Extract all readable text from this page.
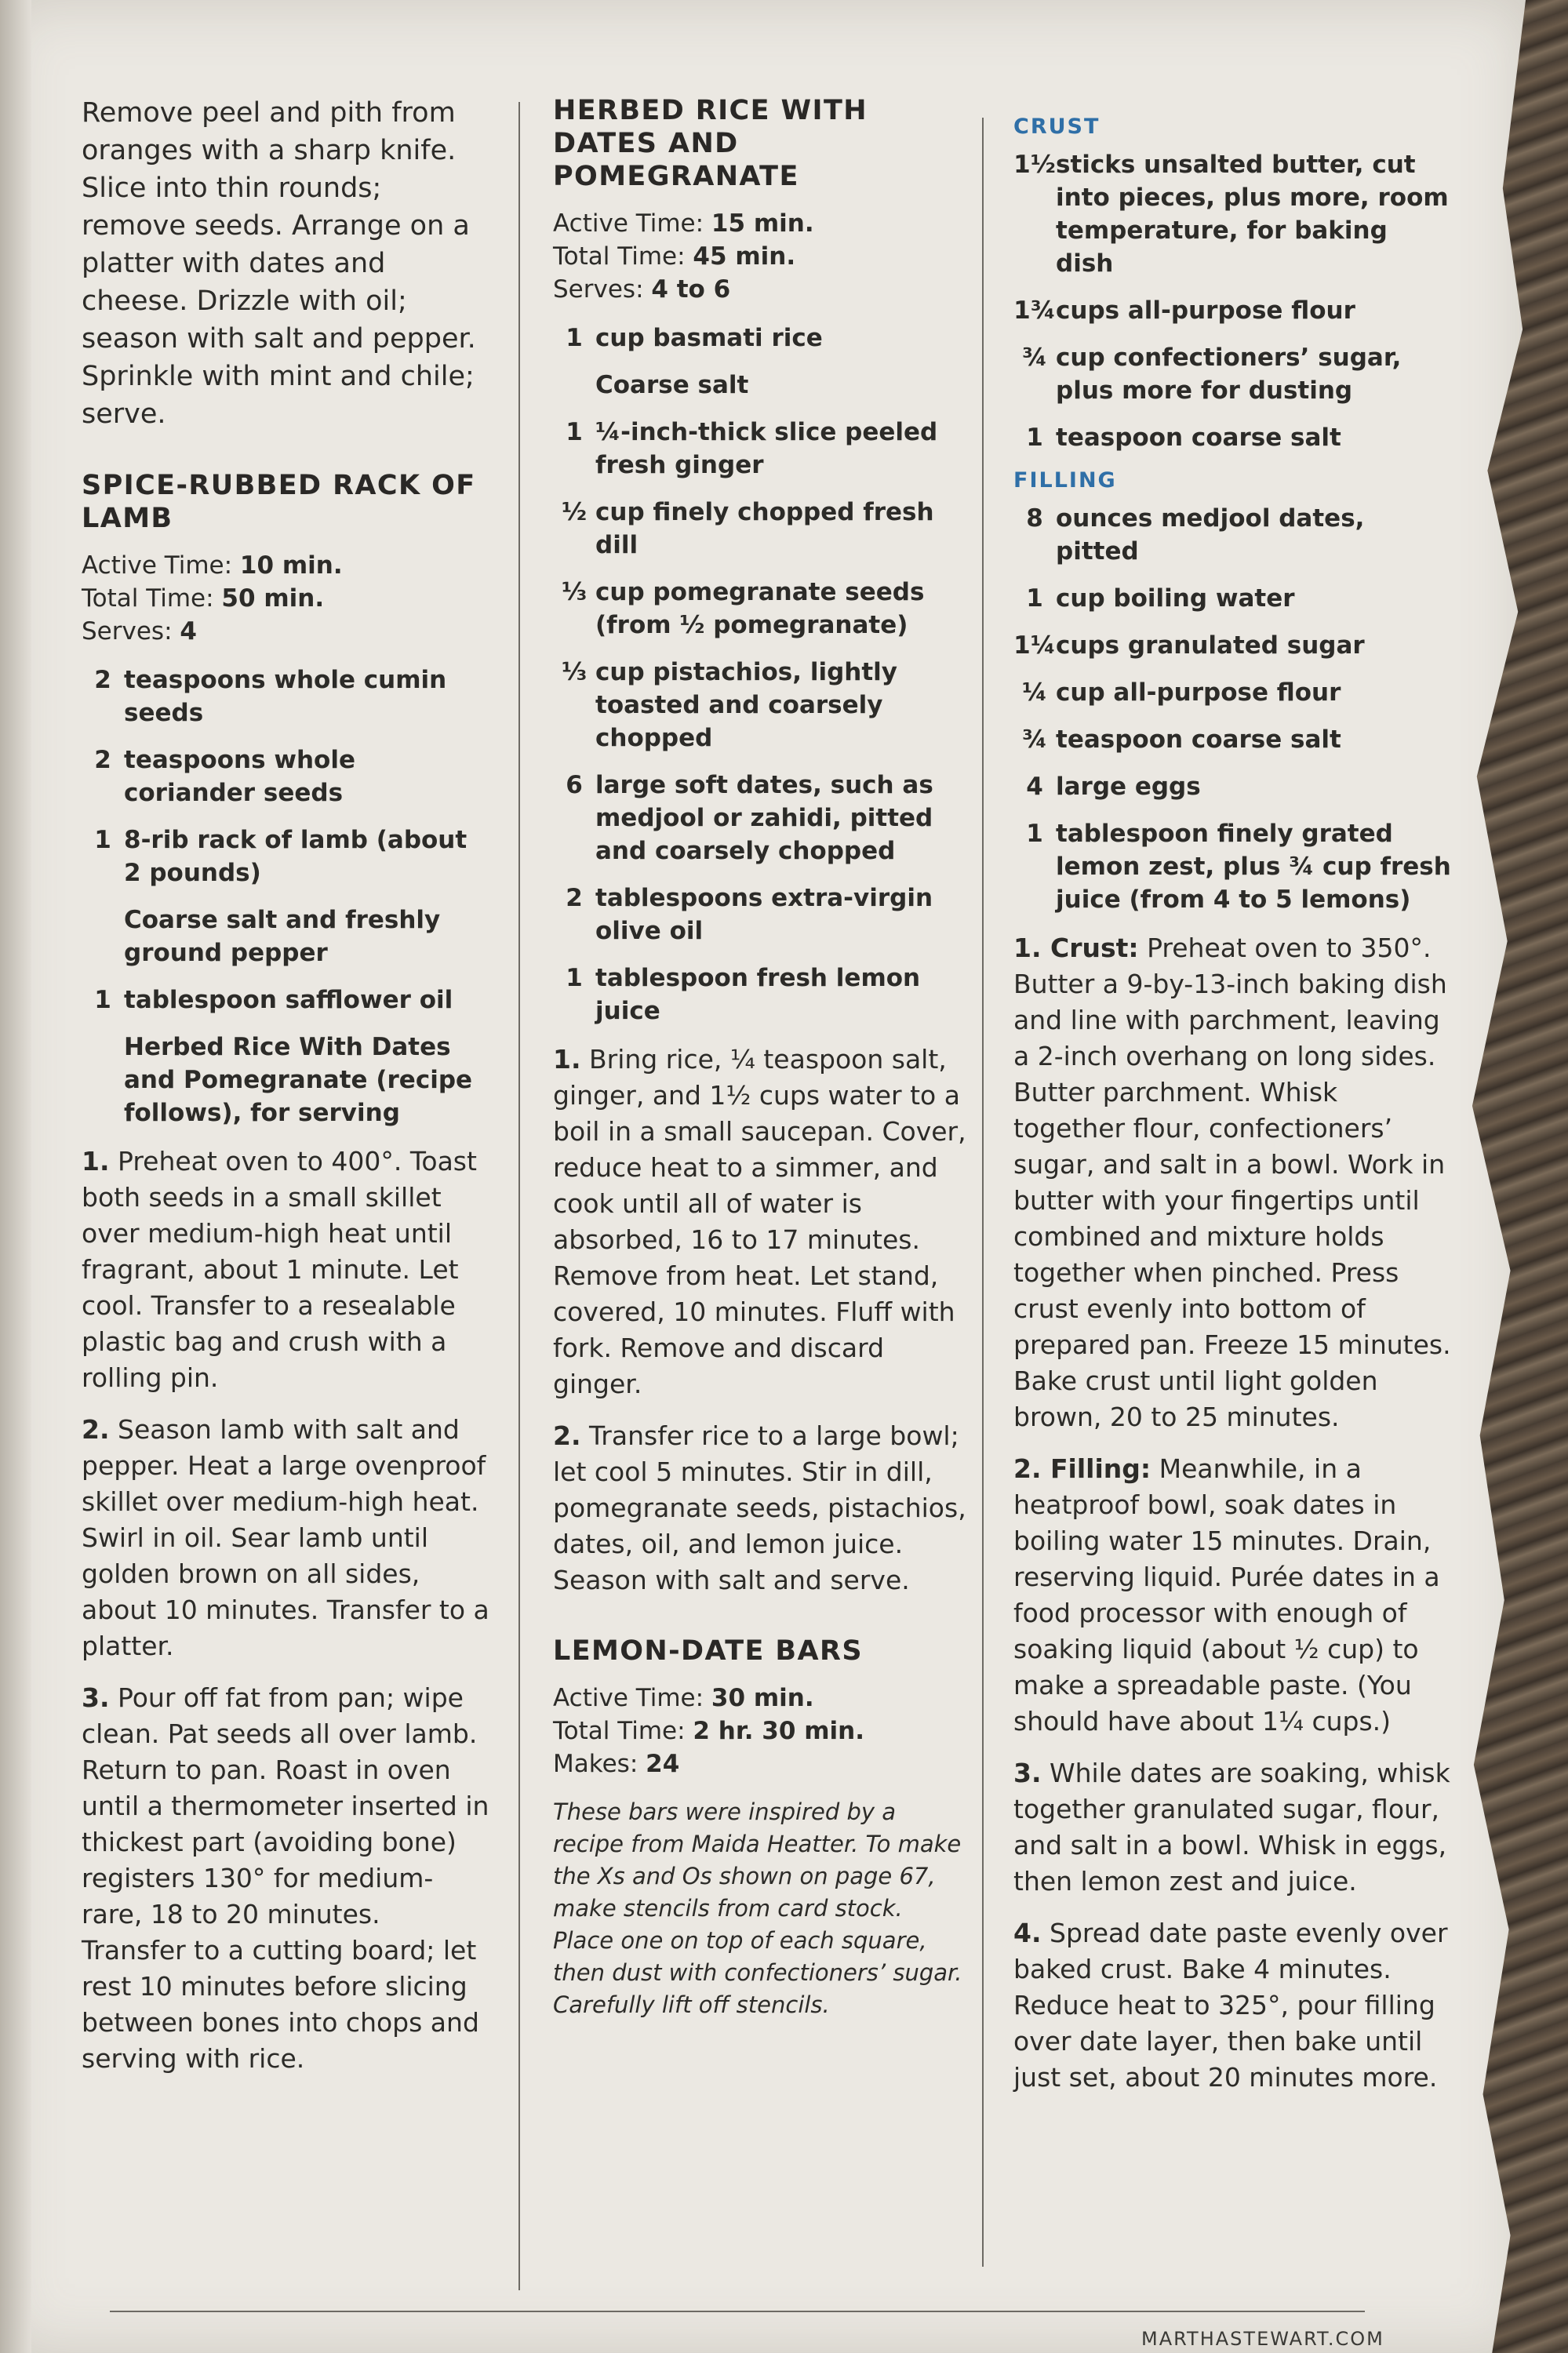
Remove peel and pith from oranges with a sharp knife. Slice into thin rounds; remove seeds. Arrange on a platter with dates and cheese. Drizzle with oil; season with salt and pepper. Sprinkle with mint and chile; serve.

SPICE-RUBBED RACK OF LAMB
Active Time: 10 min.
Total Time: 50 min.
Serves: 4
2 teaspoons whole cumin seeds
2 teaspoons whole coriander seeds
1 8-rib rack of lamb (about 2 pounds)
Coarse salt and freshly ground pepper
1 tablespoon safflower oil
Herbed Rice With Dates and Pomegranate (recipe follows), for serving

1. Preheat oven to 400°. Toast both seeds in a small skillet over medium-high heat until fragrant, about 1 minute. Let cool. Transfer to a resealable plastic bag and crush with a rolling pin.

2. Season lamb with salt and pepper. Heat a large ovenproof skillet over medium-high heat. Swirl in oil. Sear lamb until golden brown on all sides, about 10 minutes. Transfer to a platter.

3. Pour off fat from pan; wipe clean. Pat seeds all over lamb. Return to pan. Roast in oven until a thermometer inserted in thickest part (avoiding bone) registers 130° for medium-rare, 18 to 20 minutes. Transfer to a cutting board; let rest 10 minutes before slicing between bones into chops and serving with rice.

HERBED RICE WITH DATES AND POMEGRANATE
Active Time: 15 min.
Total Time: 45 min.
Serves: 4 to 6
1 cup basmati rice
Coarse salt
1 ¼-inch-thick slice peeled fresh ginger
½ cup finely chopped fresh dill
⅓ cup pomegranate seeds (from ½ pomegranate)
⅓ cup pistachios, lightly toasted and coarsely chopped
6 large soft dates, such as medjool or zahidi, pitted and coarsely chopped
2 tablespoons extra-virgin olive oil
1 tablespoon fresh lemon juice

1. Bring rice, ¼ teaspoon salt, ginger, and 1½ cups water to a boil in a small saucepan. Cover, reduce heat to a simmer, and cook until all of water is absorbed, 16 to 17 minutes. Remove from heat. Let stand, covered, 10 minutes. Fluff with fork. Remove and discard ginger.

2. Transfer rice to a large bowl; let cool 5 minutes. Stir in dill, pomegranate seeds, pistachios, dates, oil, and lemon juice. Season with salt and serve.

LEMON-DATE BARS
Active Time: 30 min.
Total Time: 2 hr. 30 min.
Makes: 24

These bars were inspired by a recipe from Maida Heatter. To make the Xs and Os shown on page 67, make stencils from card stock. Place one on top of each square, then dust with confectioners’ sugar. Carefully lift off stencils.

CRUST
1½ sticks unsalted butter, cut into pieces, plus more, room temperature, for baking dish
1¾ cups all-purpose flour
¾ cup confectioners’ sugar, plus more for dusting
1 teaspoon coarse salt
FILLING
8 ounces medjool dates, pitted
1 cup boiling water
1¼ cups granulated sugar
¼ cup all-purpose flour
¾ teaspoon coarse salt
4 large eggs
1 tablespoon finely grated lemon zest, plus ¾ cup fresh juice (from 4 to 5 lemons)

1. Crust: Preheat oven to 350°. Butter a 9-by-13-inch baking dish and line with parchment, leaving a 2-inch overhang on long sides. Butter parchment. Whisk together flour, confectioners’ sugar, and salt in a bowl. Work in butter with your fingertips until combined and mixture holds together when pinched. Press crust evenly into bottom of prepared pan. Freeze 15 minutes. Bake crust until light golden brown, 20 to 25 minutes.

2. Filling: Meanwhile, in a heatproof bowl, soak dates in boiling water 15 minutes. Drain, reserving liquid. Purée dates in a food processor with enough of soaking liquid (about ½ cup) to make a spreadable paste. (You should have about 1¼ cups.)

3. While dates are soaking, whisk together granulated sugar, flour, and salt in a bowl. Whisk in eggs, then lemon zest and juice.

4. Spread date paste evenly over baked crust. Bake 4 minutes. Reduce heat to 325°, pour filling over date layer, then bake until just set, about 20 minutes more.

MARTHASTEWART.COM
